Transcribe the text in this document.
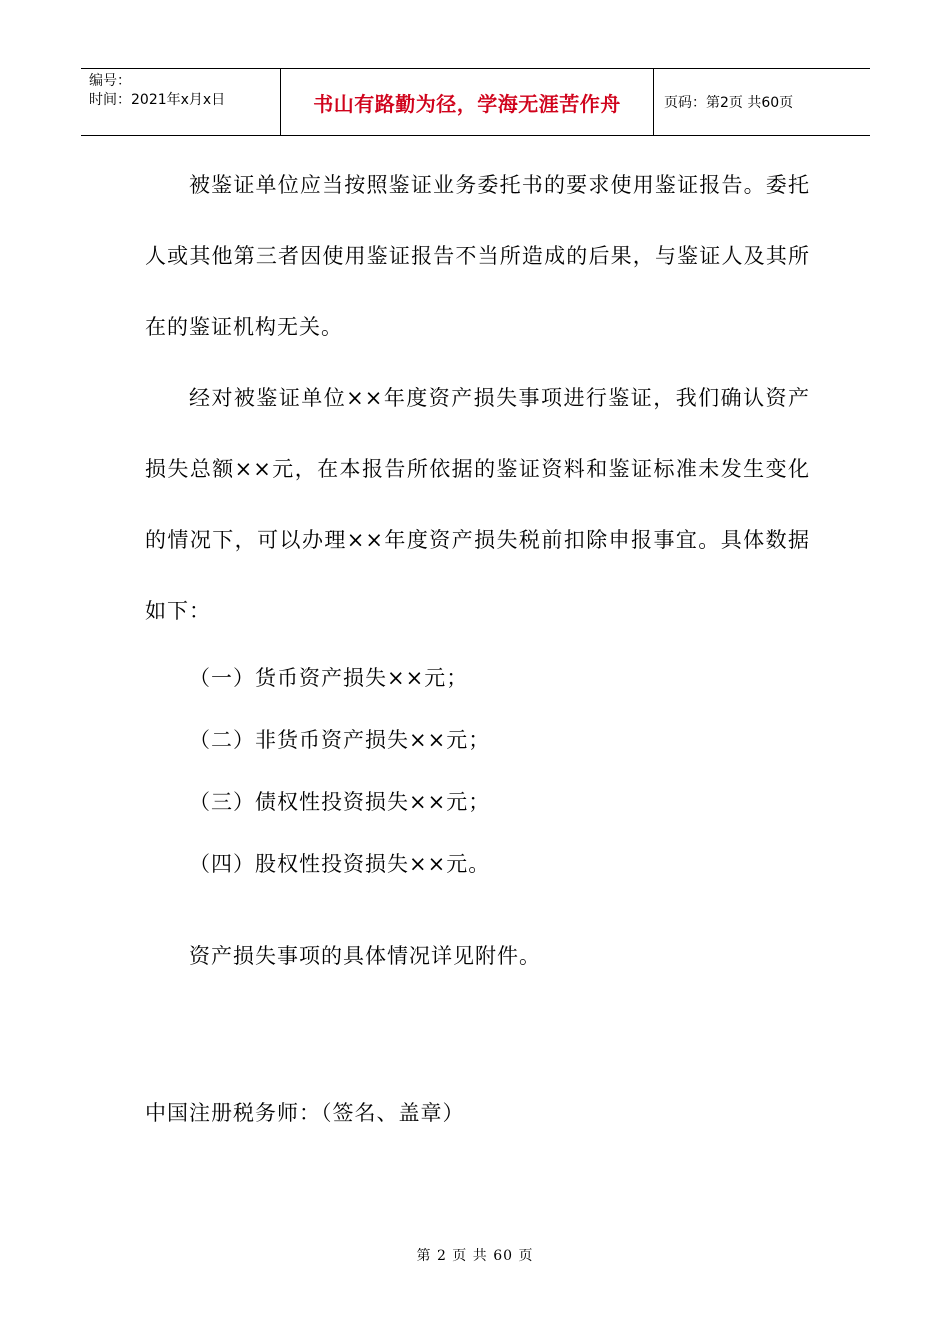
编号：
时间：2021年x月x日	书山有路勤为径，学海无涯苦作舟	页码：第2页 共60页

被鉴证单位应当按照鉴证业务委托书的要求使用鉴证报告。委托人或其他第三者因使用鉴证报告不当所造成的后果，与鉴证人及其所在的鉴证机构无关。

经对被鉴证单位××年度资产损失事项进行鉴证，我们确认资产损失总额××元，在本报告所依据的鉴证资料和鉴证标准未发生变化的情况下，可以办理××年度资产损失税前扣除申报事宜。具体数据如下：

（一）货币资产损失××元；

（二）非货币资产损失××元；

（三）债权性投资损失××元；

（四）股权性投资损失××元。

资产损失事项的具体情况详见附件。

中国注册税务师：（签名、盖章）

第 2 页 共 60 页
